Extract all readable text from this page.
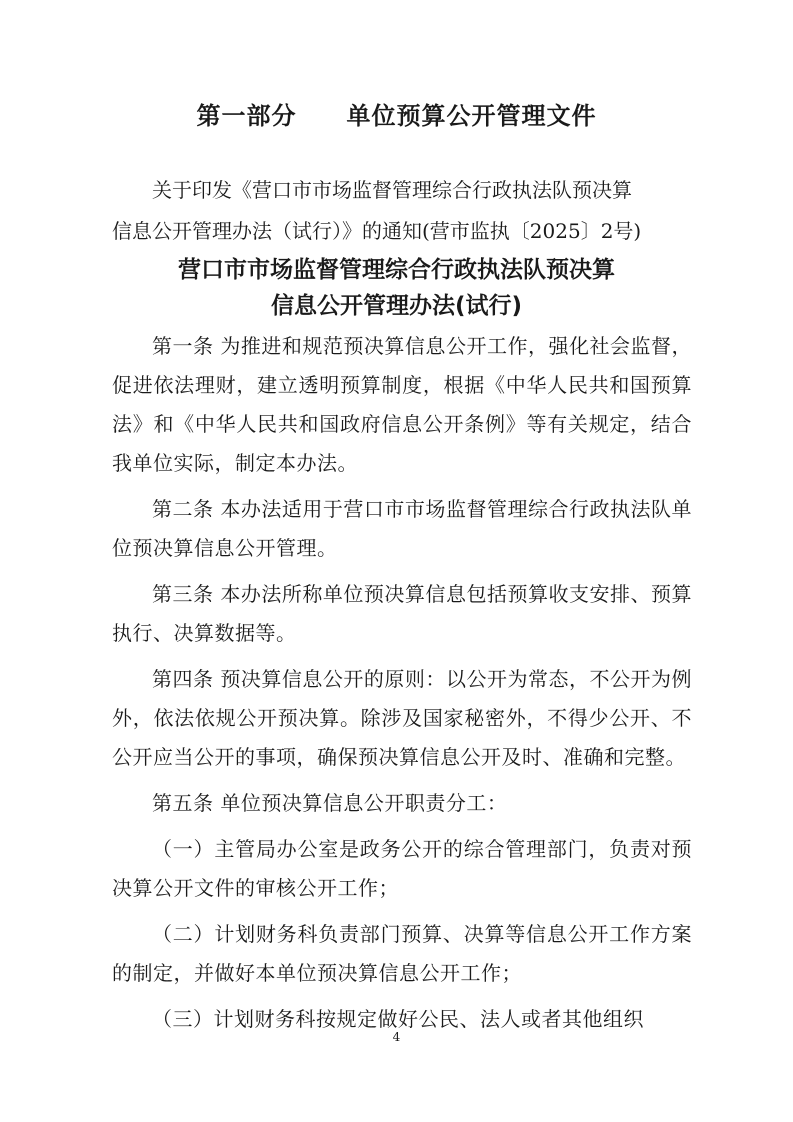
第一部分　　单位预算公开管理文件
关于印发《营口市市场监督管理综合行政执法队预决算
信息公开管理办法（试行）》的通知(营市监执〔2025〕2号)
营口市市场监督管理综合行政执法队预决算
信息公开管理办法(试行)

第一条 为推进和规范预决算信息公开工作，强化社会监督，促进依法理财，建立透明预算制度，根据《中华人民共和国预算法》和《中华人民共和国政府信息公开条例》等有关规定，结合我单位实际，制定本办法。

第二条 本办法适用于营口市市场监督管理综合行政执法队单位预决算信息公开管理。

第三条 本办法所称单位预决算信息包括预算收支安排、预算执行、决算数据等。

第四条 预决算信息公开的原则：以公开为常态，不公开为例外，依法依规公开预决算。除涉及国家秘密外，不得少公开、不公开应当公开的事项，确保预决算信息公开及时、准确和完整。

第五条 单位预决算信息公开职责分工：

（一）主管局办公室是政务公开的综合管理部门，负责对预决算公开文件的审核公开工作；

（二）计划财务科负责部门预算、决算等信息公开工作方案的制定，并做好本单位预决算信息公开工作；

（三）计划财务科按规定做好公民、法人或者其他组织

4
